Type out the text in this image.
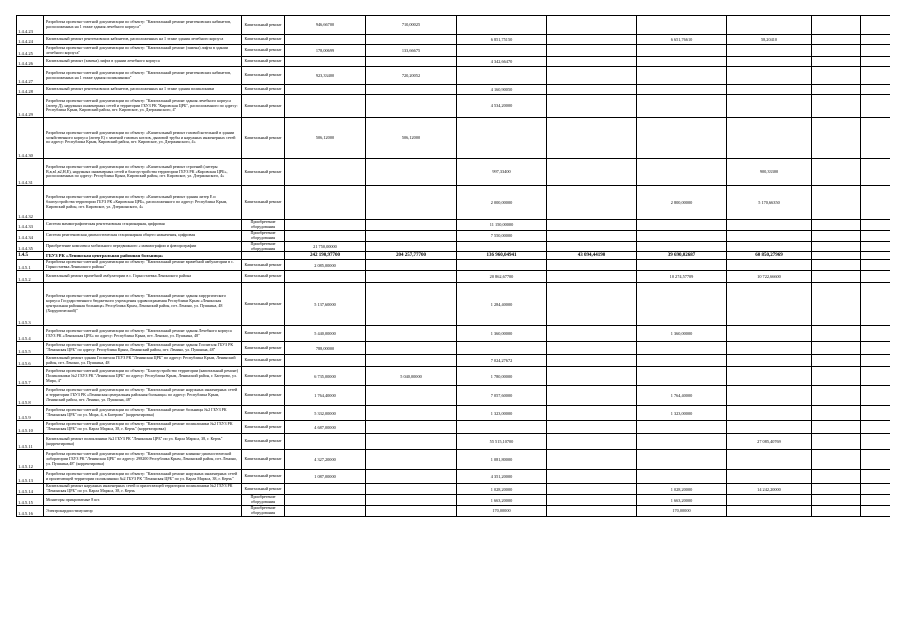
1.4.4.23	Разработка проектно-сметной документации по объекту: "Капитальный ремонт рентгеновских кабинетов, расположенных на 1 этаже здания лечебного корпуса"	Капитальный ремонт	946,66700	710,00025								
1.4.4.24	Капитальный ремонт рентгеновских кабинетов, расположенных на 1 этаже здания лечебного корпуса	Капитальный ремонт			6 851,75150		6 651,76610	58,20410				
1.4.4.25	Разработка проектно-сметной документации по объекту: "Капитальный ремонт (замена) лифта в здании лечебного корпуса"	Капитальный ремонт	178,00699	133,66675								
1.4.4.26	Капитальный ремонт (замена) лифта в здании лечебного корпуса	Капитальный ремонт			4 342,66470							
1.4.4.27	Разработка проектно-сметной документации по объекту: "Капитальный ремонт рентгеновских кабинетов, расположенных на 1 этаже здания поликлиники"	Капитальный ремонт	923,33400	720,20052								
1.4.4.28	Капитальный ремонт рентгеновских кабинетов, расположенных на 1 этаже здания поликлиники	Капитальный ремонт			4 160,90050							
1.4.4.29	Разработка проектно-сметной документации по объекту: "Капитальный ремонт здания лечебного корпуса (литер Д), наружных инженерных сетей и территории ГБУЗ РК "Кировская ЦРБ", расположенного по адресу: Республика Крым, Кировский район, пгт. Кировское, ул. Дзержинского, 4"	Капитальный ремонт			4 534,20000							
1.4.4.30	Разработка проектно-сметной документации по объекту: «Капитальный ремонт газовой котельной в здании хозяйственного корпуса (литер Е) с заменой газовых котлов, дымовой трубы и наружных инженерных сетей по адресу: Республика Крым, Кировский район, пгт. Кировское, ул. Дзержинского, 4»	Капитальный ремонт	506,12000	506,12000								
1.4.4.31	Разработка проектно-сметной документации по объекту: «Капитальный ремонт строений (литеры В,в,в1,в2,Н,Е), наружных инженерных сетей и благоустройства территории ГБУЗ РК «Кировская ЦРБ», расположенных по адресу: Республика Крым, Кировский район, пгт. Кировское, ул. Дзержинского, 4»	Капитальный ремонт			997,33400			900,33300				
1.4.4.32	Разработка проектно-сметной документации по объекту: «Капитальный ремонт здания литер Е и благоустройства территории ГБУЗ РК «Кировская ЦРБ», расположенного по адресу: Республика Крым, Кировский район, пгт. Кировское, ул. Дзержинского, 4»	Капитальный ремонт			2 000,00000		2 800,00000	5 170,66350				
1.4.4.33	Система маммографическая рентгеновская стационарная, цифровая	Приобретение оборудования			11 150,00000							
1.4.4.34	Система рентгеновская диагностическая стационарная общего назначения, цифровая	Приобретение оборудования			7 550,00000							
1.4.4.35	Приобретение комплекса мобильного передвижного « маммографии и флюорографии	Приобретение оборудования	21 750,00000									
1.4.5	ГБУЗ РК «Ленинская центральная районная больница»		242 190,97700	204 257,77700	136 960,04941	43 094,44190	39 690,02687	60 850,27969				
1.4.5.1	Разработка проектно-сметной документации по объекту: "Капитальный ремонт врачебной амбулатории в с. Горностаевка Ленинского района"	Капитальный ремонт	2 085,00000									
1.4.5.2	Капитальный ремонт врачебной амбулатории в с. Горностаевка Ленинского района	Капитальный ремонт			20 862,67700		10 274,57709	10 722,66600				
1.4.5.3	Разработка проектно-сметной документации по объекту: "Капитальный ремонт здания хирургического корпуса Государственного бюджетного учреждения здравоохранения Республики Крым «Ленинская центральная районная больница» Республика Крым, Ленинский район, пгт. Ленино, ул. Пушкина, 48 (Хирургический)"	Капитальный ремонт	5 137,60000		1 284,40000							
1.4.5.4	Разработка проектно-сметной документации по объекту: "Капитальный ремонт здания Лечебного корпуса ГБУЗ РК «Ленинская ЦРБ» по адресу: Республика Крым, пгт. Ленино, ул. Пушкина, 48"	Капитальный ремонт	5 440,00000		1 360,00000		1 360,00000					
1.4.5.5	Разработка проектно-сметной документации по объекту: "Капитальный ремонт здания Госпиталя ГБУЗ РК "Ленинская ЦРБ" по адресу: Республика Крым, Ленинский район, пгт. Ленино, ул. Пушкина, 48"	Капитальный ремонт	788,00000									
1.4.5.6	Капитальный ремонт здания Госпиталя ГБУЗ РК "Ленинская ЦРБ" по адресу: Республика Крым, Ленинский район, пгт. Ленино, ул. Пушкина, 48	Капитальный ремонт			7 024,27672							
1.4.5.7	Разработка проектно-сметной документации по объекту: "Благоустройство территории (капитальный ремонт) Поликлиники №2 ГБУЗ РК "Ленинская ЦРБ" по адресу: Республика Крым, Ленинский район, г. Багерово, ул. Мира, 4"	Капитальный ремонт	6 735,00000	5 040,00000	1 780,00000							
1.4.5.8	Разработка проектно-сметной документации по объекту: "Капитальный ремонт наружных инженерных сетей и территории ГБУЗ РК «Ленинская центральная районная больница» по адресу: Республика Крым, Ленинский район, пгт. Ленино, ул. Пушкина, 48"	Капитальный ремонт	1 764,40000		7 057,60000		1 764,40000					
1.4.5.9	Разработка проектно-сметной документации по объекту: "Капитальный ремонт больницы №2 ГБУЗ РК "Ленинская ЦРБ" по ул. Мира, 4, в Багерово" (корректировка)	Капитальный ремонт	5 332,00000		1 323,00000		1 323,00000					
1.4.5.10	Разработка проектно-сметной документации по объекту: "Капитальный ремонт поликлиники №2 ГБУЗ РК "Ленинская ЦРБ" по ул. Карла Маркса, 38, г. Керчь" (корректировка)	Капитальный ремонт	4 687,00000									
1.4.5.11	Капитальный ремонт поликлиники №2 ГБУЗ РК "Ленинская ЦРБ" по ул. Карла Маркса, 38, г. Керчь" (корректировка)	Капитальный ремонт			55 515,10700			27 085,40769				
1.4.5.12	Разработка проектно-сметной документации по объекту: "Капитальный ремонт клинико-диагностической лаборатории ГБУЗ РК "Ленинская ЦРБ" по адресу: 298200 Республика Крым, Ленинский район, пгт. Ленино, ул. Пушкина,48" (корректировка)	Капитальный ремонт	4 327,20000		1 081,80000							
1.4.5.13	Разработка проектно-сметной документации по объекту: "Капитальный ремонт наружных инженерных сетей и прилегающей территории поликлиники №2 ГБУЗ РК "Ленинская ЦРБ" по ул. Карла Маркса, 38, г. Керчь"	Капитальный ремонт	1 087,00000		4 351,20000							
1.4.5.14	Капитальный ремонт наружных инженерных сетей и прилегающей территории поликлиники №2 ГБУЗ РК "Ленинская ЦРБ" по ул. Карла Маркса, 38, г. Керчь	Капитальный ремонт			1 028,20000		1 028,20000	14 242,20000				
1.4.5.15	Мониторы прикроватные 8 шт.	Приобретение оборудования			1 663,20000		1 663,20000					
1.4.5.16	Электрокардиостимулятор	Приобретение оборудования			170,00000		170,00000					
